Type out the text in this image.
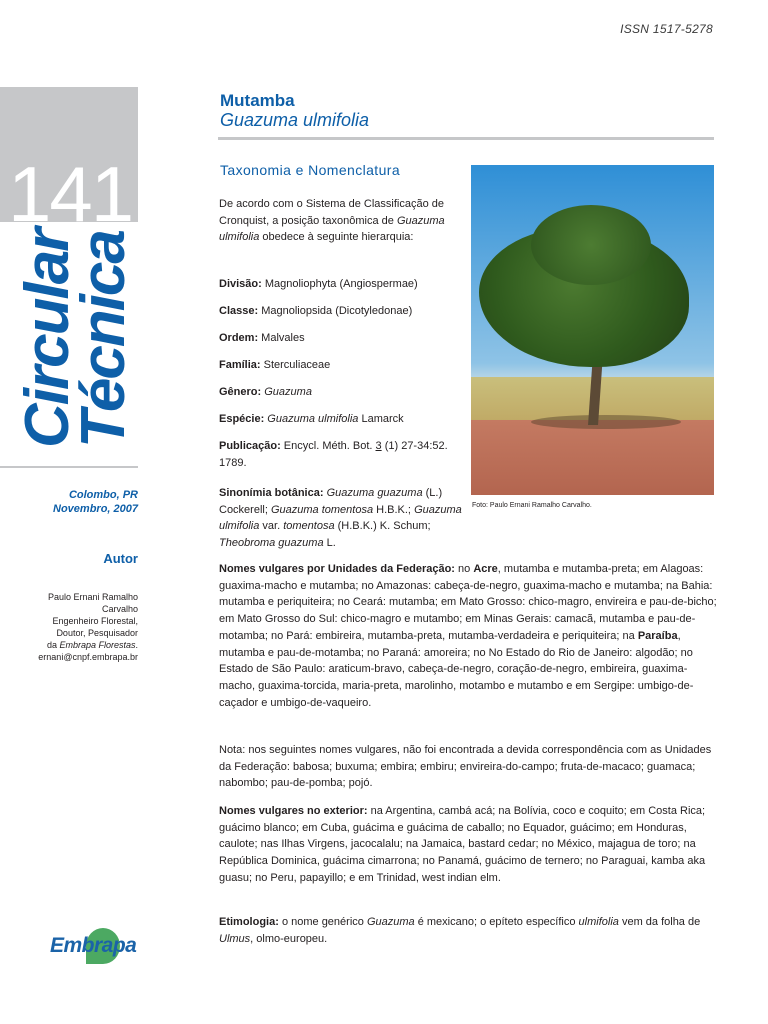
ISSN 1517-5278
141
Circular
Técnica
Colombo, PR
Novembro, 2007
Autor
Paulo Ernani Ramalho
Carvalho
Engenheiro Florestal,
Doutor, Pesquisador
da Embrapa Florestas.
ernani@cnpf.embrapa.br
Embrapa
Mutamba
Guazuma ulmifolia
Taxonomia e Nomenclatura
Foto: Paulo Ernani Ramalho Carvalho.
De acordo com o Sistema de Classificação de Cronquist, a posição taxonômica de Guazuma ulmifolia obedece à seguinte hierarquia:
Divisão: Magnoliophyta (Angiospermae)
Classe: Magnoliopsida (Dicotyledonae)
Ordem: Malvales
Família: Sterculiaceae
Gênero: Guazuma
Espécie: Guazuma ulmifolia Lamarck
Publicação: Encycl. Méth. Bot. 3 (1) 27-34:52. 1789.
Sinonímia botânica: Guazuma guazuma (L.) Cockerell; Guazuma tomentosa H.B.K.; Guazuma ulmifolia var. tomentosa (H.B.K.) K. Schum; Theobroma guazuma L.
Nomes vulgares por Unidades da Federação: no Acre, mutamba e mutamba-preta; em Alagoas: guaxima-macho e mutamba; no Amazonas: cabeça-de-negro, guaxima-macho e mutamba; na Bahia: mutamba e periquiteira; no Ceará: mutamba; em Mato Grosso: chico-magro, envireira e pau-de-bicho; em Mato Grosso do Sul: chico-magro e mutambo; em Minas Gerais: camacã, mutamba e pau-de-motamba; no Pará: embireira, mutamba-preta, mutamba-verdadeira e periquiteira; na Paraíba, mutamba e pau-de-motamba; no Paraná: amoreira; no No Estado do Rio de Janeiro: algodão; no Estado de São Paulo: araticum-bravo, cabeça-de-negro, coração-de-negro, embireira, guaxima-macho, guaxima-torcida, maria-preta, marolinho, motambo e mutambo e em Sergipe: umbigo-de-caçador e umbigo-de-vaqueiro.
Nota: nos seguintes nomes vulgares, não foi encontrada a devida correspondência com as Unidades da Federação: babosa; buxuma; embira; embiru; envireira-do-campo; fruta-de-macaco; guamaca; nabombo; pau-de-pomba; pojó.
Nomes vulgares no exterior: na Argentina, cambá acá; na Bolívia, coco e coquito; em Costa Rica; guácimo blanco; em Cuba, guácima e guácima de caballo; no Equador, guácimo; em Honduras, caulote; nas Ilhas Virgens, jacocalalu; na Jamaica, bastard cedar; no México, majagua de toro; na República Dominica, guácima cimarrona; no Panamá, guácimo de ternero; no Paraguai, kamba aka guasu; no Peru, papayillo; e em Trinidad, west indian elm.
Etimologia: o nome genérico Guazuma é mexicano; o epíteto específico ulmifolia vem da folha de Ulmus, olmo-europeu.
